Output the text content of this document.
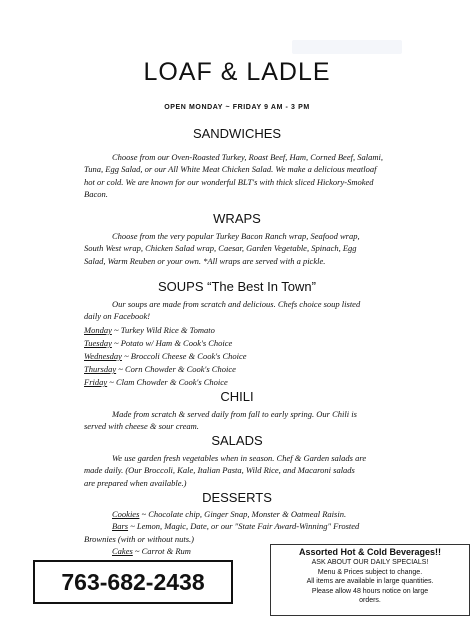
LOAF & LADLE
OPEN MONDAY ~ FRIDAY 9 AM - 3 PM
SANDWICHES
Choose from our Oven-Roasted Turkey, Roast Beef, Ham, Corned Beef, Salami,
Tuna, Egg Salad, or our All White Meat Chicken Salad. We make a delicious meatloaf
hot or cold. We are known for our wonderful BLT's with thick sliced Hickory-Smoked
Bacon.
WRAPS
Choose from the very popular Turkey Bacon Ranch wrap, Seafood wrap,
South West wrap, Chicken Salad wrap, Caesar, Garden Vegetable, Spinach, Egg
Salad, Warm Reuben or your own. *All wraps are served with a pickle.
SOUPS “The Best In Town”
Our soups are made from scratch and delicious. Chefs choice soup listed
daily on Facebook!
Monday ~ Turkey Wild Rice & Tomato
Tuesday ~ Potato w/ Ham & Cook's Choice
Wednesday ~ Broccoli Cheese & Cook's Choice
Thursday ~ Corn Chowder & Cook's Choice
Friday ~ Clam Chowder & Cook's Choice
CHILI
Made from scratch & served daily from fall to early spring. Our Chili is
served with cheese & sour cream.
SALADS
We use garden fresh vegetables when in season. Chef & Garden salads are
made daily. (Our Broccoli, Kale, Italian Pasta, Wild Rice, and Macaroni salads
are prepared when available.)
DESSERTS
Cookies ~ Chocolate chip, Ginger Snap, Monster & Oatmeal Raisin.
Bars ~ Lemon, Magic, Date, or our "State Fair Award-Winning" Frosted
Brownies (with or without nuts.)
Cakes ~ Carrot & Rum
763-682-2438
Assorted Hot & Cold Beverages!!
ASK ABOUT OUR DAILY SPECIALS!
Menu & Prices subject to change.
All items are available in large quantities.
Please allow 48 hours notice on large
orders.
